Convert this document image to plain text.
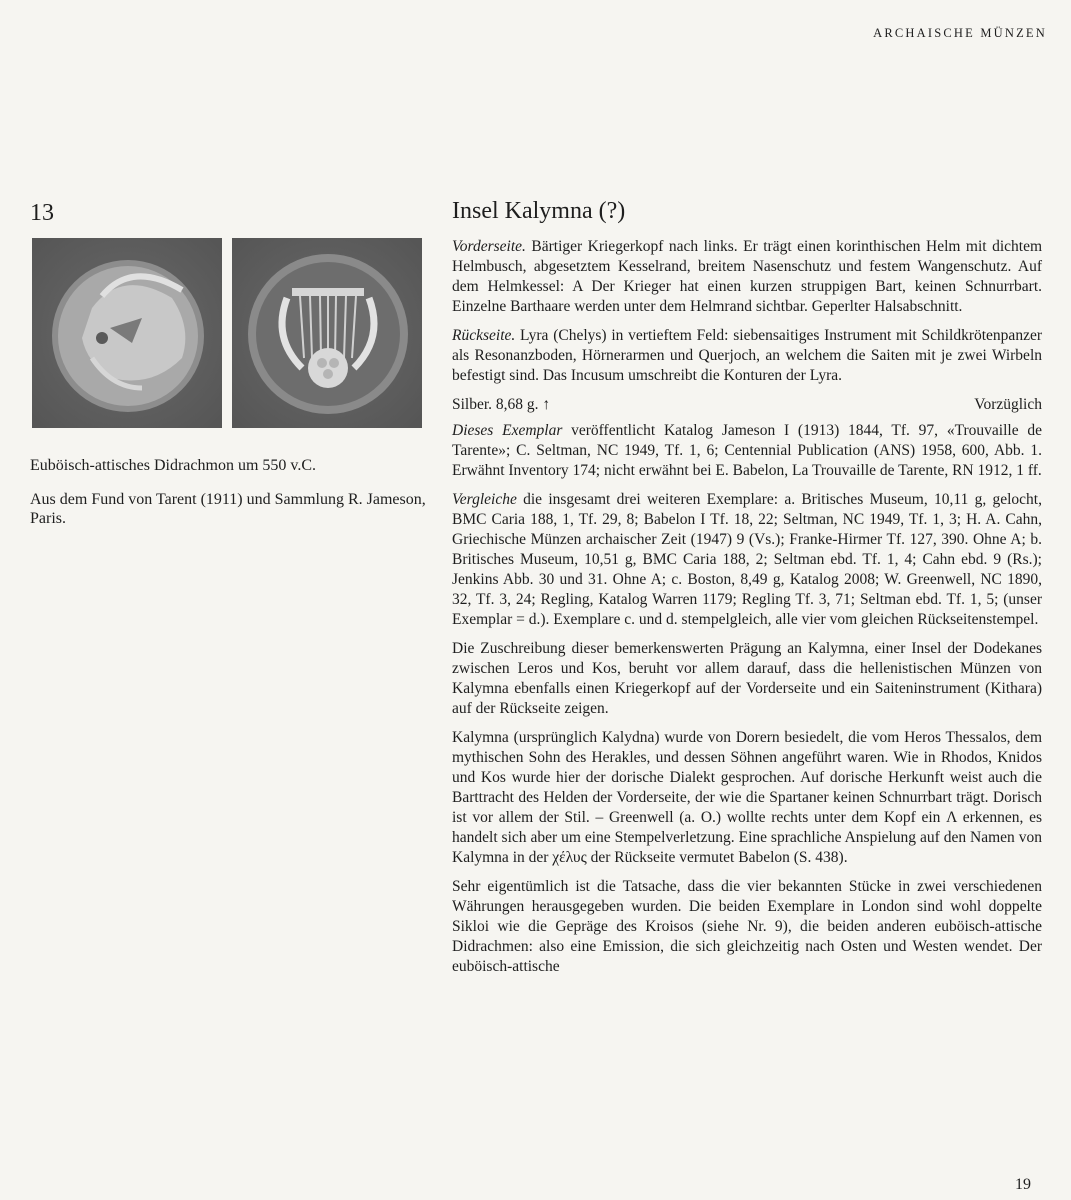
ARCHAISCHE MÜNZEN
13
Euböisch-attisches Didrachmon um 550 v.C.
Aus dem Fund von Tarent (1911) und Sammlung R. Jameson, Paris.
Insel Kalymna (?)

Vorderseite. Bärtiger Kriegerkopf nach links. Er trägt einen korinthischen Helm mit dichtem Helmbusch, abgesetztem Kesselrand, breitem Nasenschutz und festem Wangenschutz. Auf dem Helmkessel: A Der Krieger hat einen kurzen struppigen Bart, keinen Schnurrbart. Einzelne Barthaare werden unter dem Helmrand sichtbar. Geperlter Halsabschnitt.

Rückseite. Lyra (Chelys) in vertieftem Feld: siebensaitiges Instrument mit Schildkrötenpanzer als Resonanzboden, Hörnerarmen und Querjoch, an welchem die Saiten mit je zwei Wirbeln befestigt sind. Das Incusum umschreibt die Konturen der Lyra.

Silber. 8,68 g. ↑	Vorzüglich

Dieses Exemplar veröffentlicht Katalog Jameson I (1913) 1844, Tf. 97, «Trouvaille de Tarente»; C. Seltman, NC 1949, Tf. 1, 6; Centennial Publication (ANS) 1958, 600, Abb. 1. Erwähnt Inventory 174; nicht erwähnt bei E. Babelon, La Trouvaille de Tarente, RN 1912, 1 ff.

Vergleiche die insgesamt drei weiteren Exemplare: a. Britisches Museum, 10,11 g, gelocht, BMC Caria 188, 1, Tf. 29, 8; Babelon I Tf. 18, 22; Seltman, NC 1949, Tf. 1, 3; H. A. Cahn, Griechische Münzen archaischer Zeit (1947) 9 (Vs.); Franke-Hirmer Tf. 127, 390. Ohne A; b. Britisches Museum, 10,51 g, BMC Caria 188, 2; Seltman ebd. Tf. 1, 4; Cahn ebd. 9 (Rs.); Jenkins Abb. 30 und 31. Ohne A; c. Boston, 8,49 g, Katalog 2008; W. Greenwell, NC 1890, 32, Tf. 3, 24; Regling, Katalog Warren 1179; Regling Tf. 3, 71; Seltman ebd. Tf. 1, 5; (unser Exemplar = d.). Exemplare c. und d. stempelgleich, alle vier vom gleichen Rückseitenstempel.

Die Zuschreibung dieser bemerkenswerten Prägung an Kalymna, einer Insel der Dodekanes zwischen Leros und Kos, beruht vor allem darauf, dass die hellenistischen Münzen von Kalymna ebenfalls einen Kriegerkopf auf der Vorderseite und ein Saiteninstrument (Kithara) auf der Rückseite zeigen.

Kalymna (ursprünglich Kalydna) wurde von Dorern besiedelt, die vom Heros Thessalos, dem mythischen Sohn des Herakles, und dessen Söhnen angeführt waren. Wie in Rhodos, Knidos und Kos wurde hier der dorische Dialekt gesprochen. Auf dorische Herkunft weist auch die Barttracht des Helden der Vorderseite, der wie die Spartaner keinen Schnurrbart trägt. Dorisch ist vor allem der Stil. – Greenwell (a. O.) wollte rechts unter dem Kopf ein Λ erkennen, es handelt sich aber um eine Stempelverletzung. Eine sprachliche Anspielung auf den Namen von Kalymna in der χέλυς der Rückseite vermutet Babelon (S. 438).

Sehr eigentümlich ist die Tatsache, dass die vier bekannten Stücke in zwei verschiedenen Währungen herausgegeben wurden. Die beiden Exemplare in London sind wohl doppelte Sikloi wie die Gepräge des Kroisos (siehe Nr. 9), die beiden anderen euböisch-attische Didrachmen: also eine Emission, die sich gleichzeitig nach Osten und Westen wendet. Der euböisch-attische

19
